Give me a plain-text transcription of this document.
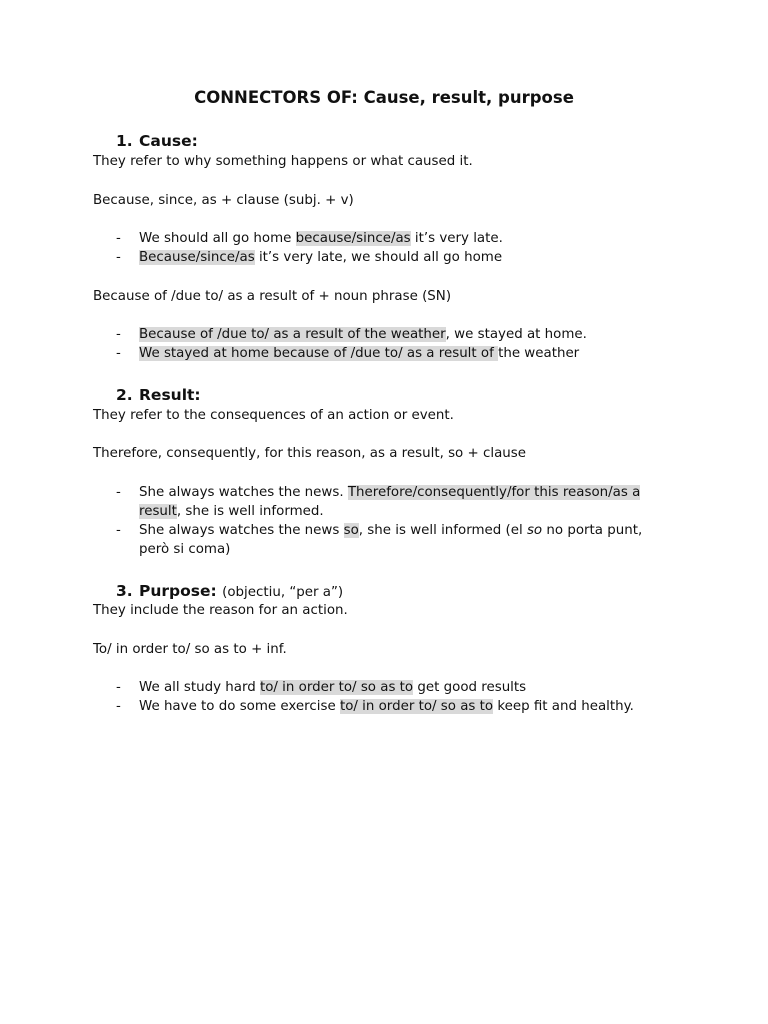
CONNECTORS OF: Cause, result, purpose
1. Cause:
They refer to why something happens or what caused it.
Because, since, as + clause (subj. + v)
- We should all go home because/since/as it’s very late.
- Because/since/as it’s very late, we should all go home
Because of /due to/ as a result of + noun phrase (SN)
- Because of /due to/ as a result of the weather, we stayed at home.
- We stayed at home because of /due to/ as a result of the weather
2. Result:
They refer to the consequences of an action or event.
Therefore, consequently, for this reason, as a result, so + clause
- She always watches the news. Therefore/consequently/for this reason/as a
result, she is well informed.
- She always watches the news so, she is well informed (el so no porta punt,
però si coma)
3. Purpose: (objectiu, “per a”)
They include the reason for an action.
To/ in order to/ so as to + inf.
- We all study hard to/ in order to/ so as to get good results
- We have to do some exercise to/ in order to/ so as to keep fit and healthy.
